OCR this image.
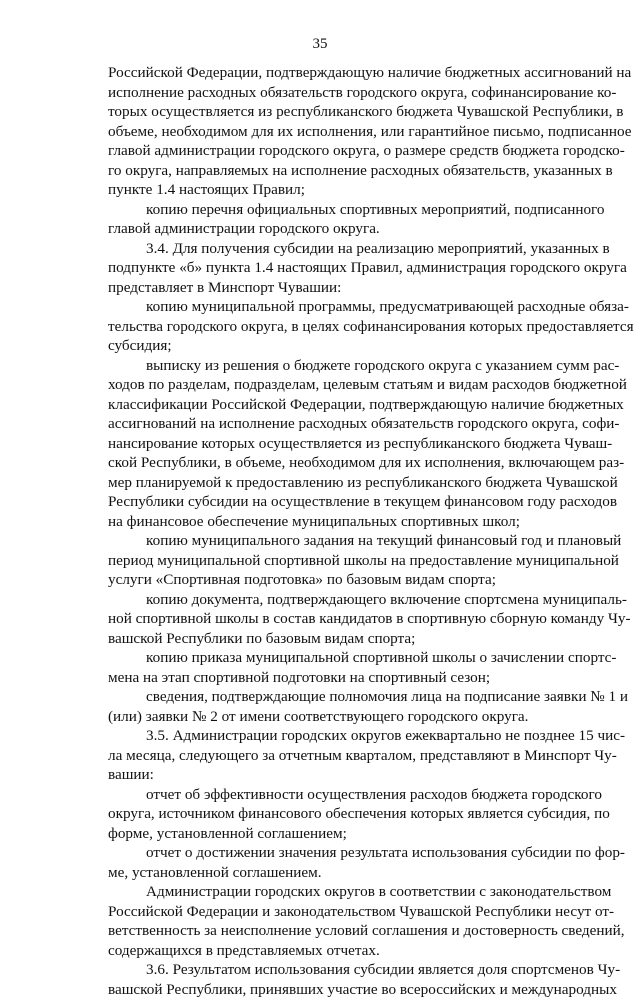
35
Российской Федерации, подтверждающую наличие бюджетных ассигнований на
исполнение расходных обязательств городского округа, софинансирование ко-
торых осуществляется из республиканского бюджета Чувашской Республики, в
объеме, необходимом для их исполнения, или гарантийное письмо, подписанное
главой администрации городского округа, о размере средств бюджета городско-
го округа, направляемых на исполнение расходных обязательств, указанных в
пункте 1.4 настоящих Правил;
копию перечня официальных спортивных мероприятий, подписанного
главой администрации городского округа.
3.4. Для получения субсидии на реализацию мероприятий, указанных в
подпункте «б» пункта 1.4 настоящих Правил, администрация городского округа
представляет в Минспорт Чувашии:
копию муниципальной программы, предусматривающей расходные обяза-
тельства городского округа, в целях софинансирования которых предоставляется
субсидия;
выписку из решения о бюджете городского округа с указанием сумм рас-
ходов по разделам, подразделам, целевым статьям и видам расходов бюджетной
классификации Российской Федерации, подтверждающую наличие бюджетных
ассигнований на исполнение расходных обязательств городского округа, софи-
нансирование которых осуществляется из республиканского бюджета Чуваш-
ской Республики, в объеме, необходимом для их исполнения, включающем раз-
мер планируемой к предоставлению из республиканского бюджета Чувашской
Республики субсидии на осуществление в текущем финансовом году расходов
на финансовое обеспечение муниципальных спортивных школ;
копию муниципального задания на текущий финансовый год и плановый
период муниципальной спортивной школы на предоставление муниципальной
услуги «Спортивная подготовка» по базовым видам спорта;
копию документа, подтверждающего включение спортсмена муниципаль-
ной спортивной школы в состав кандидатов в спортивную сборную команду Чу-
вашской Республики по базовым видам спорта;
копию приказа муниципальной спортивной школы о зачислении спортс-
мена на этап спортивной подготовки на спортивный сезон;
сведения, подтверждающие полномочия лица на подписание заявки № 1 и
(или) заявки № 2 от имени соответствующего городского округа.
3.5. Администрации городских округов ежеквартально не позднее 15 чис-
ла месяца, следующего за отчетным кварталом, представляют в Минспорт Чу-
вашии:
отчет об эффективности осуществления расходов бюджета городского
округа, источником финансового обеспечения которых является субсидия, по
форме, установленной соглашением;
отчет о достижении значения результата использования субсидии по фор-
ме, установленной соглашением.
Администрации городских округов в соответствии с законодательством
Российской Федерации и законодательством Чувашской Республики несут от-
ветственность за неисполнение условий соглашения и достоверность сведений,
содержащихся в представляемых отчетах.
3.6. Результатом использования субсидии является доля спортсменов Чу-
вашской Республики, принявших участие во всероссийских и международных
